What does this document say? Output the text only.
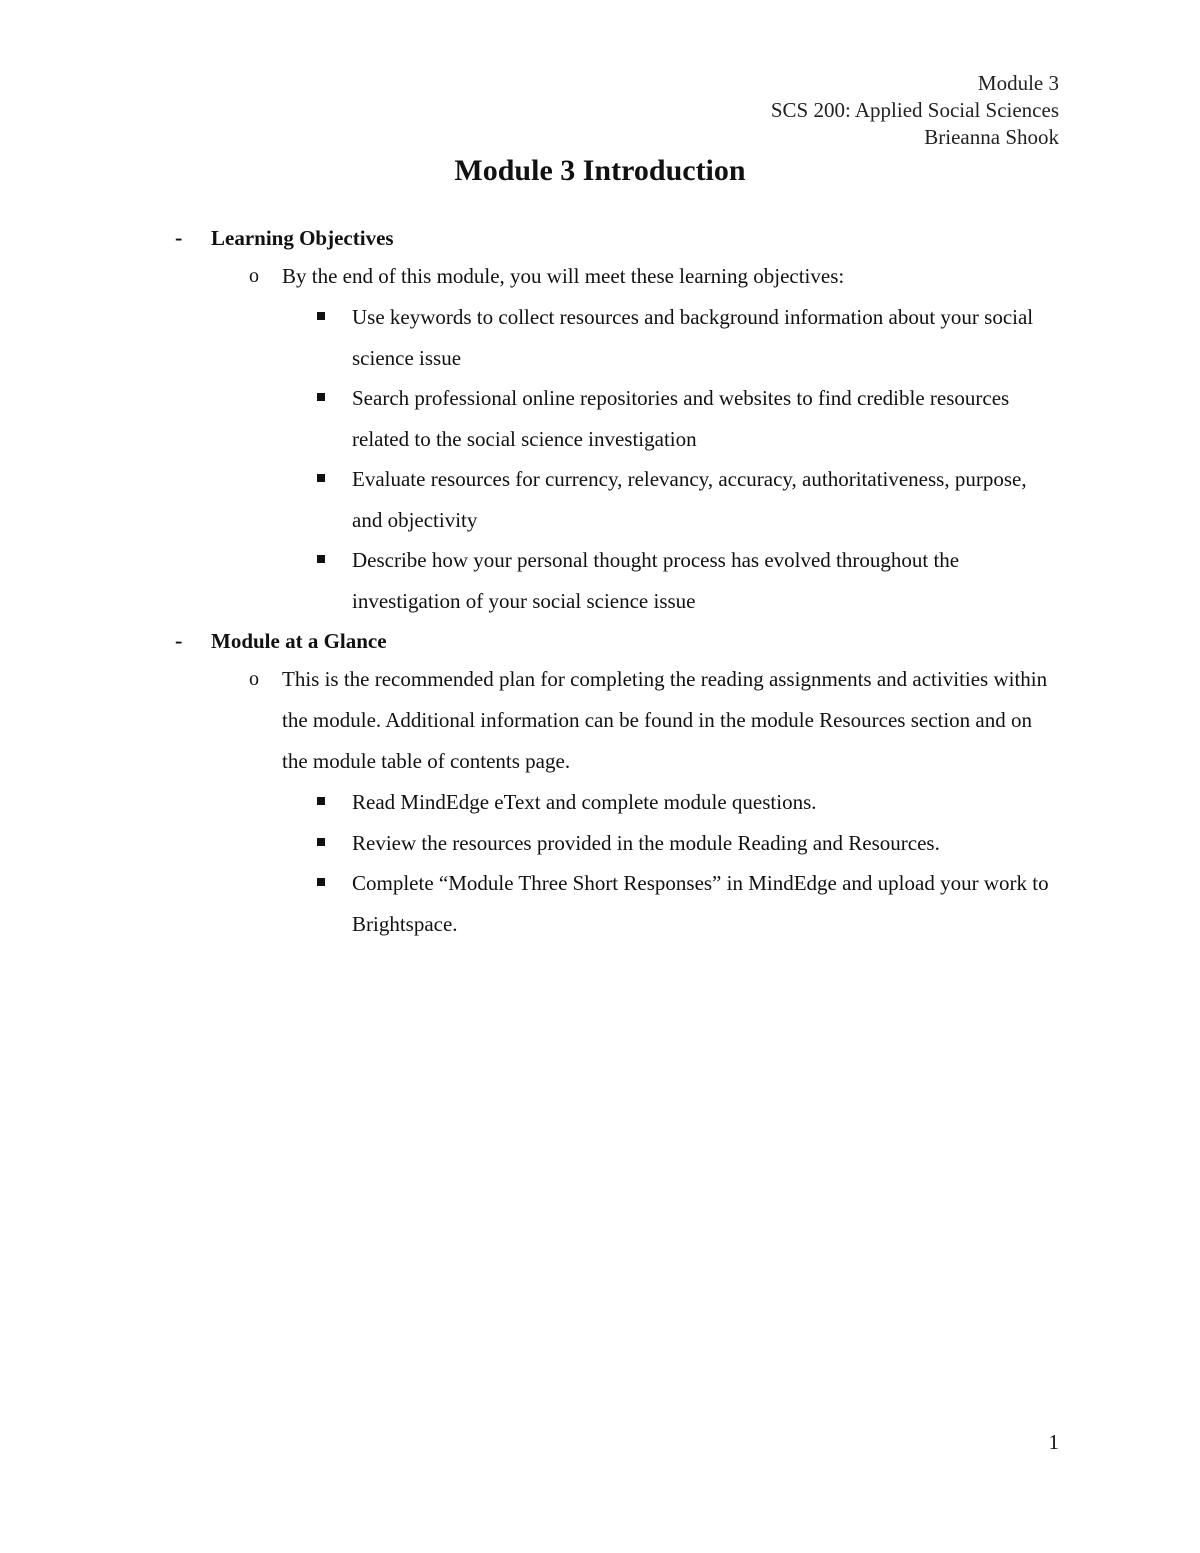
Module 3
SCS 200: Applied Social Sciences
Brieanna Shook
Module 3 Introduction
- Learning Objectives
o By the end of this module, you will meet these learning objectives:
Use keywords to collect resources and background information about your social science issue
Search professional online repositories and websites to find credible resources related to the social science investigation
Evaluate resources for currency, relevancy, accuracy, authoritativeness, purpose, and objectivity
Describe how your personal thought process has evolved throughout the investigation of your social science issue
- Module at a Glance
o This is the recommended plan for completing the reading assignments and activities within the module. Additional information can be found in the module Resources section and on the module table of contents page.
Read MindEdge eText and complete module questions.
Review the resources provided in the module Reading and Resources.
Complete “Module Three Short Responses” in MindEdge and upload your work to Brightspace.
1
